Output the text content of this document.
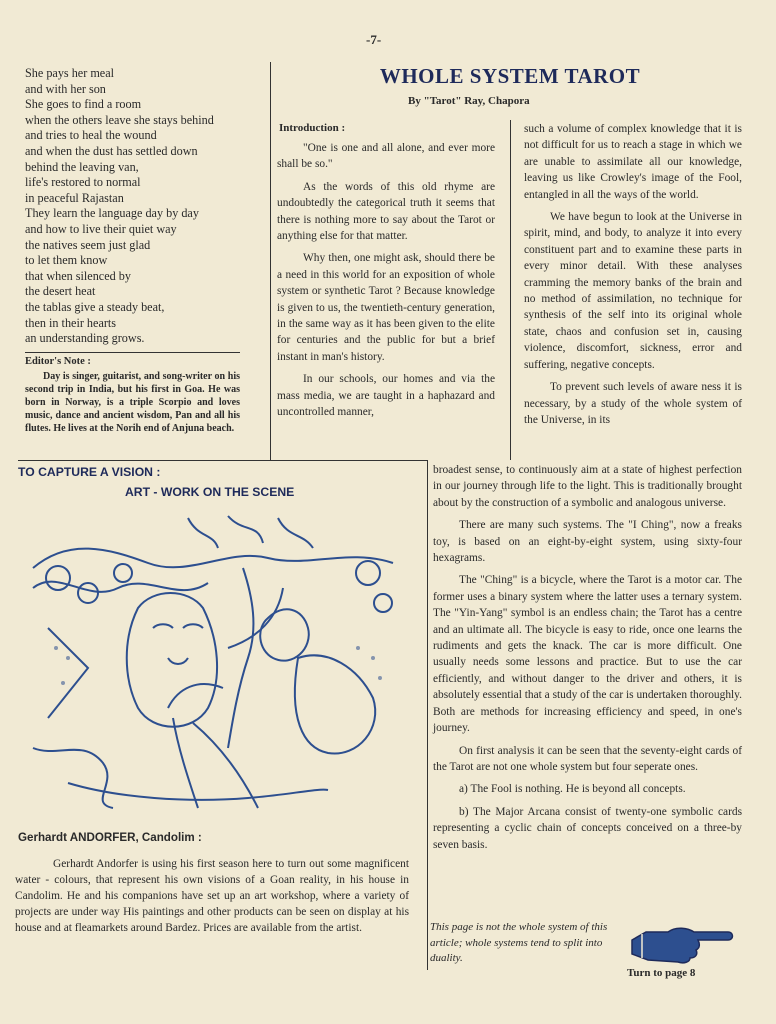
-7-
She pays her meal
and with her son
She goes to find a room
when the others leave she stays behind
and tries to heal the wound
and when the dust has settled down
behind the leaving van,
life's restored to normal
in peaceful Rajastan
They learn the language day by day
and how to live their quiet way
the natives seem just glad
to let them know
that when silenced by
the desert heat
the tablas give a steady beat,
then in their hearts
an understanding grows.
Editor's Note :
Day is singer, guitarist, and song-writer on his second trip in India, but his first in Goa. He was born in Norway, is a triple Scorpio and loves music, dance and ancient wisdom, Pan and all his flutes. He lives at the Norih end of Anjuna beach.
WHOLE SYSTEM TAROT
By "Tarot" Ray, Chapora
Introduction :

"One is one and all alone, and ever more shall be so."

As the words of this old rhyme are undoubtedly the categorical truth it seems that there is nothing more to say about the Tarot or anything else for that matter.

Why then, one might ask, should there be a need in this world for an exposition of whole system or synthetic Tarot ? Because knowledge is given to us, the twentieth-century generation, in the same way as it has been given to the elite for centuries and the public for but a brief instant in man's history.

In our schools, our homes and via the mass media, we are taught in a haphazard and uncontrolled manner,

such a volume of complex knowledge that it is not difficult for us to reach a stage in which we are unable to assimilate all our knowledge, leaving us like Crowley's image of the Fool, entangled in all the ways of the world.

We have begun to look at the Universe in spirit, mind, and body, to analyze it into every constituent part and to examine these parts in every minor detail. With these analyses cramming the memory banks of the brain and no method of assimilation, no technique for synthesis of the self into its original whole state, chaos and confusion set in, causing violence, discomfort, sickness, error and suffering, negative concepts.

To prevent such levels of aware ness it is necessary, by a study of the whole system of the Universe, in its

broadest sense, to continuously aim at a state of highest perfection in our journey through life to the light. This is traditionally brought about by the construction of a symbolic and analogous universe.

There are many such systems. The "I Ching", now a freaks toy, is based on an eight-by-eight system, using sixty-four hexagrams.

The "Ching" is a bicycle, where the Tarot is a motor car. The former uses a binary system where the latter uses a ternary system. The "Yin-Yang" symbol is an endless chain; the Tarot has a centre and an ultimate all. The bicycle is easy to ride, once one learns the rudiments and gets the knack. The car is more difficult. One usually needs some lessons and practice. But to use the car efficiently, and without danger to the driver and others, it is absolutely essential that a study of the car is undertaken thoroughly. Both are methods for increasing efficiency and speed, in one's journey.

On first analysis it can be seen that the seventy-eight cards of the Tarot are not one whole system but four seperate ones.

a) The Fool is nothing. He is beyond all concepts.

b) The Major Arcana consist of twenty-one symbolic cards representing a cyclic chain of concepts conceived on a three-by seven basis.

TO CAPTURE A VISION :
ART - WORK ON THE SCENE
Gerhardt ANDORFER, Candolim :
Gerhardt Andorfer is using his first season here to turn out some magnificent water - colours, that represent his own visions of a Goan reality, in his house in Candolim. He and his companions have set up an art workshop, where a variety of projects are under way His paintings and other products can be seen on display at his house and at fleamarkets around Bardez. Prices are available from the artist.	This page is not the whole system of this article; whole systems tend to split into duality.
Turn to page 8
